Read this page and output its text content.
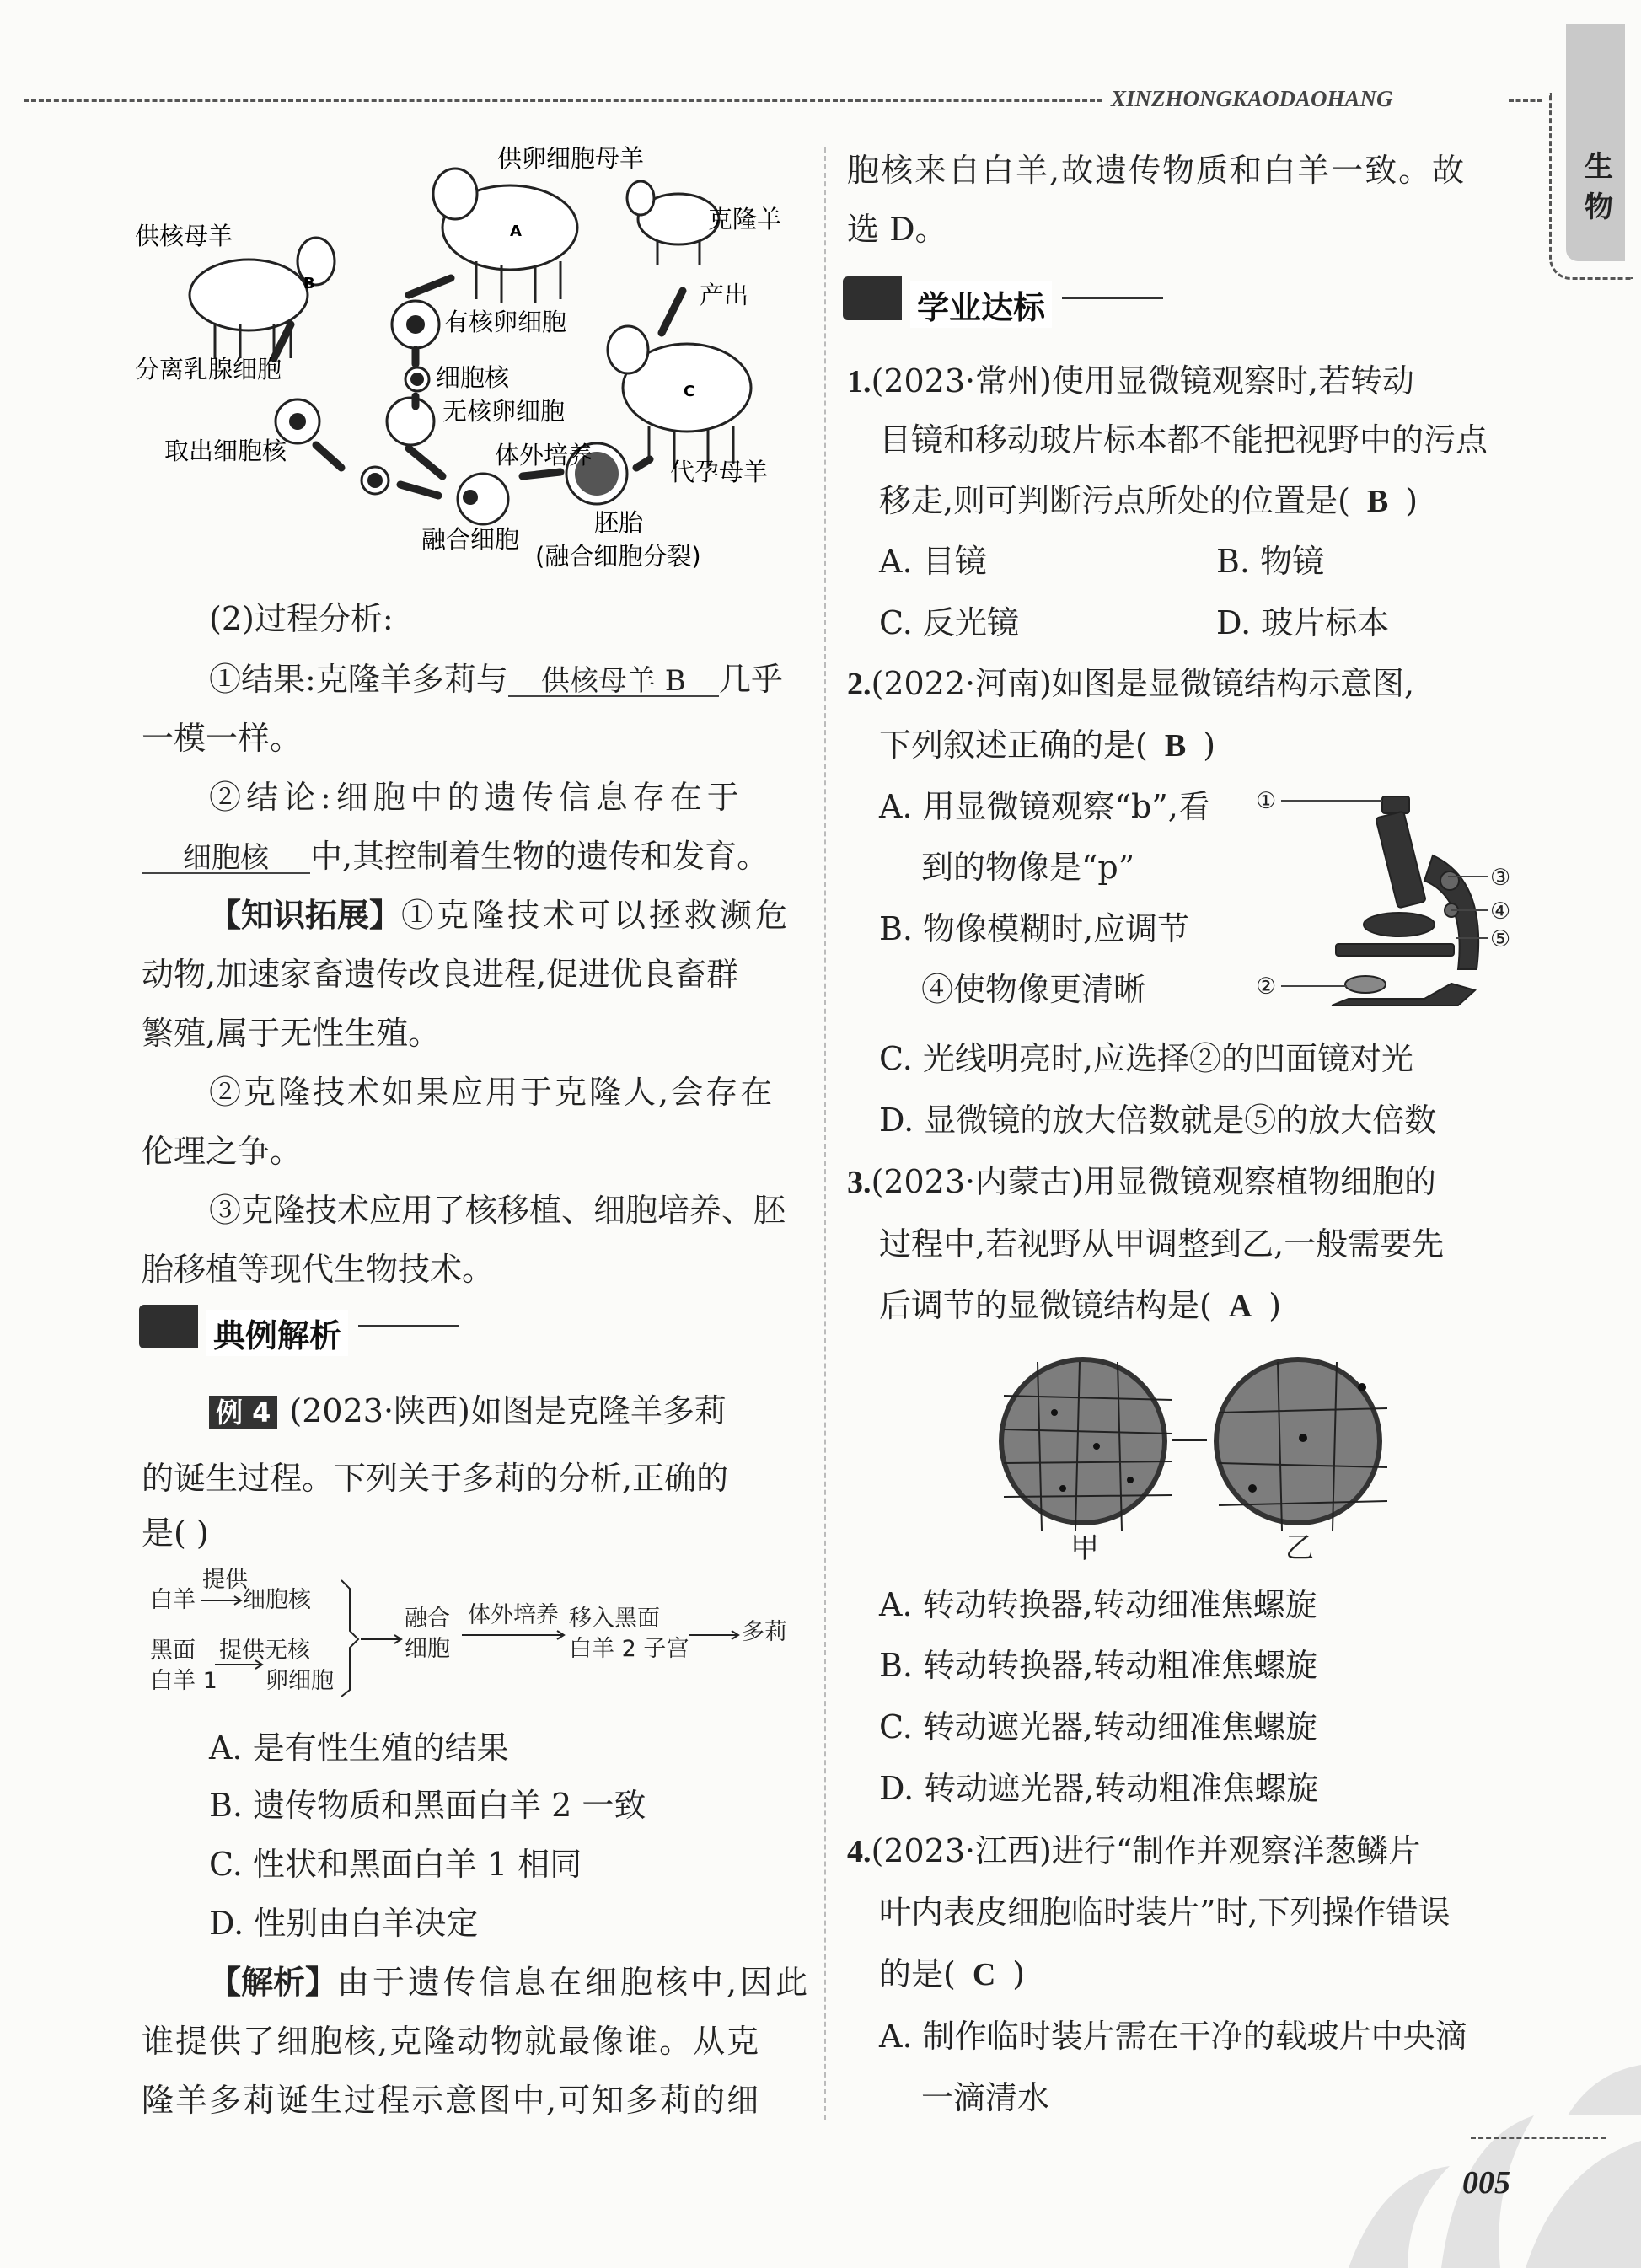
XINZHONGKAODAOHANG
生物
B
A
C
供卵细胞母羊
供核母羊
克隆羊
产出
有核卵细胞
分离乳腺细胞	细胞核
无核卵细胞
取出细胞核	体外培养
代孕母羊
融合细胞
胚胎
(融合细胞分裂)
(2)过程分析:
①结果:克隆羊多莉与 供核母羊 B 几乎
一模一样。
②结论:细胞中的遗传信息存在于
细胞核 中,其控制着生物的遗传和发育。
【知识拓展】①克隆技术可以拯救濒危
动物,加速家畜遗传改良进程,促进优良畜群
繁殖,属于无性生殖。
②克隆技术如果应用于克隆人,会存在
伦理之争。
③克隆技术应用了核移植、细胞培养、胚
胎移植等现代生物技术。
典例解析
例 4 (2023·陕西)如图是克隆羊多莉
的诞生过程。下列关于多莉的分析,正确的
是( )
白羊
提供
细胞核
黑面
白羊 1
提供无核
卵细胞
融合
细胞
体外培养 移入黑面
白羊 2 子宫
多莉
A. 是有性生殖的结果
B. 遗传物质和黑面白羊 2 一致
C. 性状和黑面白羊 1 相同
D. 性别由白羊决定
【解析】由于遗传信息在细胞核中,因此
谁提供了细胞核,克隆动物就最像谁。从克
隆羊多莉诞生过程示意图中,可知多莉的细
胞核来自白羊,故遗传物质和白羊一致。故
选 D。
学业达标
1.(2023·常州)使用显微镜观察时,若转动
目镜和移动玻片标本都不能把视野中的污点
移走,则可判断污点所处的位置是( B )
A. 目镜	B. 物镜
C. 反光镜	D. 玻片标本
2.(2022·河南)如图是显微镜结构示意图,
下列叙述正确的是( B )
A. 用显微镜观察“b”,看
到的物像是“p”
B. 物像模糊时,应调节
④使物像更清晰
①
③
④
⑤
②
C. 光线明亮时,应选择②的凹面镜对光
D. 显微镜的放大倍数就是⑤的放大倍数
3.(2023·内蒙古)用显微镜观察植物细胞的
过程中,若视野从甲调整到乙,一般需要先
后调节的显微镜结构是( A )
甲	乙
A. 转动转换器,转动细准焦螺旋
B. 转动转换器,转动粗准焦螺旋
C. 转动遮光器,转动细准焦螺旋
D. 转动遮光器,转动粗准焦螺旋
4.(2023·江西)进行“制作并观察洋葱鳞片
叶内表皮细胞临时装片”时,下列操作错误
的是( C )
A. 制作临时装片需在干净的载玻片中央滴
一滴清水
005
